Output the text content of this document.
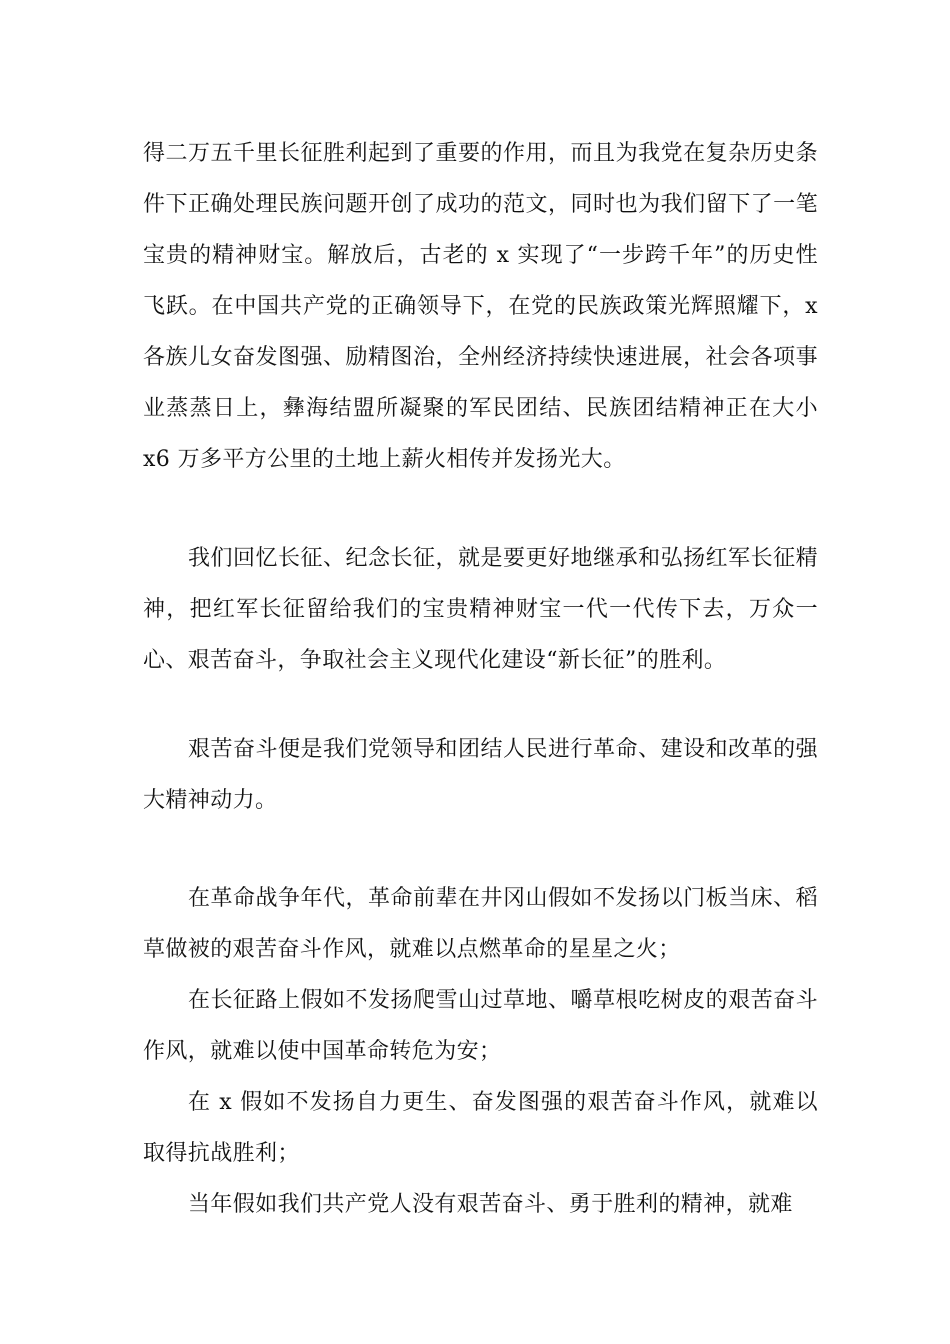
得二万五千里长征胜利起到了重要的作用，而且为我党在复杂历史条件下正确处理民族问题开创了成功的范文，同时也为我们留下了一笔宝贵的精神财宝。解放后，古老的 x 实现了“一步跨千年”的历史性飞跃。在中国共产党的正确领导下，在党的民族政策光辉照耀下，x 各族儿女奋发图强、励精图治，全州经济持续快速进展，社会各项事业蒸蒸日上，彝海结盟所凝聚的军民团结、民族团结精神正在大小 x6 万多平方公里的土地上薪火相传并发扬光大。

我们回忆长征、纪念长征，就是要更好地继承和弘扬红军长征精神，把红军长征留给我们的宝贵精神财宝一代一代传下去，万众一心、艰苦奋斗，争取社会主义现代化建设“新长征”的胜利。

艰苦奋斗便是我们党领导和团结人民进行革命、建设和改革的强大精神动力。

在革命战争年代，革命前辈在井冈山假如不发扬以门板当床、稻草做被的艰苦奋斗作风，就难以点燃革命的星星之火；

在长征路上假如不发扬爬雪山过草地、嚼草根吃树皮的艰苦奋斗作风，就难以使中国革命转危为安；

在 x 假如不发扬自力更生、奋发图强的艰苦奋斗作风，就难以取得抗战胜利；

当年假如我们共产党人没有艰苦奋斗、勇于胜利的精神，就难
